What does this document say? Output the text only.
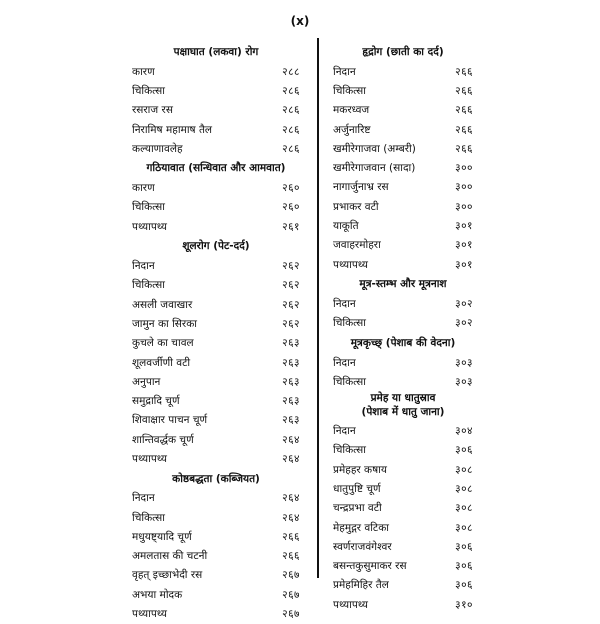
(x)
पक्षाघात (लकवा) रोग
कारण	२८८
चिकित्सा	२८६
रसराज रस	२८६
निरामिष महामाष तैल	२८६
कल्याणावलेह	२८६
गठियावात (सन्धिवात और आमवात)
कारण	२६०
चिकित्सा	२६०
पथ्यापथ्य	२६१
शूलरोग (पेट-दर्द)
निदान	२६२
चिकित्सा	२६२
असली जवाखार	२६२
जामुन का सिरका	२६२
कुचले का चावल	२६३
शूलवर्जीणी वटी	२६३
अनुपान	२६३
समुद्रादि चूर्ण	२६३
शिवाक्षार पाचन चूर्ण	२६३
शान्तिवर्द्धक चूर्ण	२६४
पथ्यापथ्य	२६४
कोष्ठबद्धता (कब्जियत)
निदान	२६४
चिकित्सा	२६४
मधुयष्ट्यादि चूर्ण	२६६
अमलतास की चटनी	२६६
वृहत् इच्छाभेदी रस	२६७
अभया मोदक	२६७
पथ्यापथ्य	२६७
हृद्रोग (छाती का दर्द)
निदान	२६६
चिकित्सा	२६६
मकरध्वज	२६६
अर्जुनारिष्ट	२६६
खमीरेगाजवा (अम्बरी)	२६६
खमीरेगाजवान (सादा)	३००
नागार्जुनाभ्र रस	३००
प्रभाकर वटी	३००
याकूति	३०१
जवाहरमोहरा	३०१
पथ्यापथ्य	३०१
मूत्र-स्तम्भ और मूत्रनाश
निदान	३०२
चिकित्सा	३०२
मूत्रकृच्छ् (पेशाब की वेदना)
निदान	३०३
चिकित्सा	३०३
प्रमेह या धातुस्राव
(पेशाब में धातु जाना)
निदान	३०४
चिकित्सा	३०६
प्रमेहहर कषाय	३०८
धातुपुष्टि चूर्ण	३०८
चन्द्रप्रभा वटी	३०८
मेहमुद्गर वटिका	३०८
स्वर्णराजवंगेश्वर	३०६
बसन्तकुसुमाकर रस	३०६
प्रमेहमिहिर तैल	३०६
पथ्यापथ्य	३१०
